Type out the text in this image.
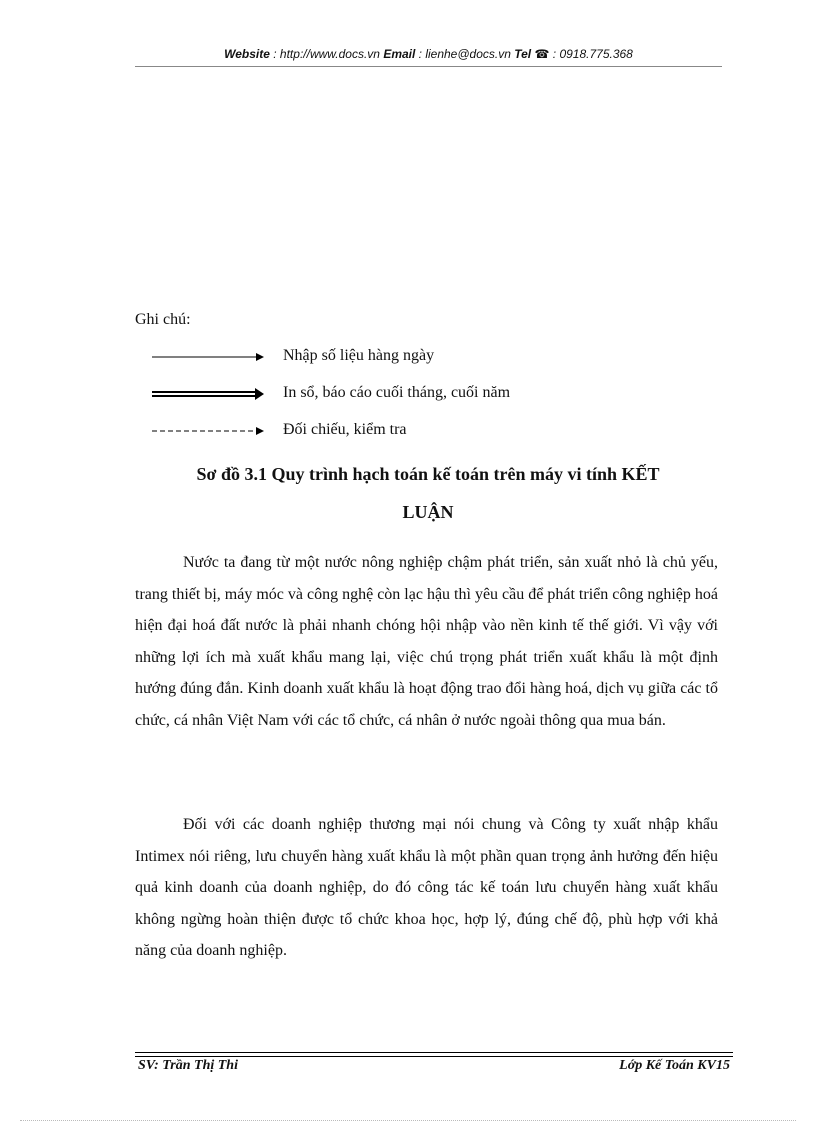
Website : http://www.docs.vn Email : lienhe@docs.vn Tel ☎ : 0918.775.368
Ghi chú:
Nhập số liệu hàng ngày
In sổ, báo cáo cuối tháng, cuối năm
Đối chiếu, kiểm tra
Sơ đồ 3.1 Quy trình hạch toán kế toán trên máy vi tính KẾT
LUẬN

Nước ta đang từ một nước nông nghiệp chậm phát triển, sản xuất nhỏ là chủ yếu, trang thiết bị, máy móc và công nghệ còn lạc hậu thì yêu cầu để phát triển công nghiệp hoá hiện đại hoá đất nước là phải nhanh chóng hội nhập vào nền kinh tế thế giới. Vì vậy với những lợi ích mà xuất khẩu mang lại, việc chú trọng phát triển xuất khẩu là một định hướng đúng đắn. Kinh doanh xuất khẩu là hoạt động trao đổi hàng hoá, dịch vụ giữa các tổ chức, cá nhân Việt Nam với các tổ chức, cá nhân ở nước ngoài thông qua mua bán.

Đối với các doanh nghiệp thương mại nói chung và Công ty xuất nhập khẩu Intimex nói riêng, lưu chuyển hàng xuất khẩu là một phần quan trọng ảnh hưởng đến hiệu quả kinh doanh của doanh nghiệp, do đó công tác kế toán lưu chuyển hàng xuất khẩu không ngừng hoàn thiện được tổ chức khoa học, hợp lý, đúng chế độ, phù hợp với khả năng của doanh nghiệp.

SV: Trần Thị Thi	Lớp Kế Toán KV15
